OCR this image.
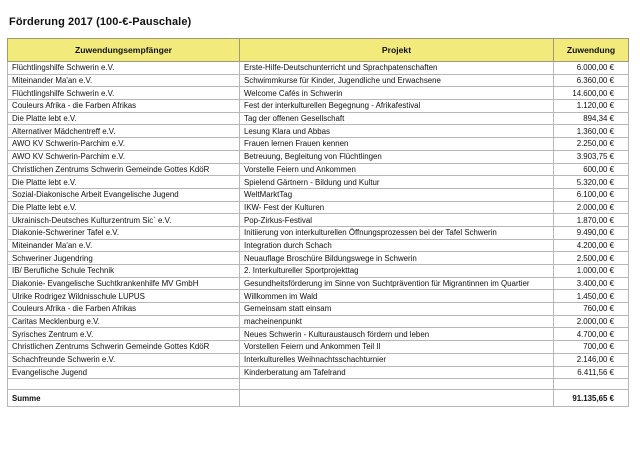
Förderung 2017 (100-€-Pauschale)
Zuwendungsempfänger	Projekt	Zuwendung
Flüchtlingshilfe Schwerin e.V.	Erste-Hilfe-Deutschunterricht und Sprachpatenschaften	6.000,00 €
Miteinander Ma'an e.V.	Schwimmkurse für Kinder, Jugendliche und Erwachsene	6.360,00 €
Flüchtlingshilfe Schwerin e.V.	Welcome Cafés in Schwerin	14.600,00 €
Couleurs Afrika - die Farben Afrikas	Fest der interkulturellen Begegnung - Afrikafestival	1.120,00 €
Die Platte lebt e.V.	Tag der offenen Gesellschaft	894,34 €
Alternativer Mädchentreff e.V.	Lesung Klara und Abbas	1.360,00 €
AWO KV Schwerin-Parchim e.V.	Frauen lernen Frauen kennen	2.250,00 €
AWO KV Schwerin-Parchim e.V.	Betreuung, Begleitung von Flüchtlingen	3.903,75 €
Christlichen Zentrums Schwerin Gemeinde Gottes KdöR	Vorstelle Feiern und Ankommen	600,00 €
Die Platte lebt e.V.	Spielend Gärtnern - Bildung und Kultur	5.320,00 €
Sozial-Diakonische Arbeit Evangelische Jugend	WeltMarktTag	6.100,00 €
Die Platte lebt e.V.	IKW- Fest der Kulturen	2.000,00 €
Ukrainisch-Deutsches Kulturzentrum Sic` e.V.	Pop-Zirkus-Festival	1.870,00 €
Diakonie-Schweriner Tafel e.V.	Initiierung von interkulturellen Öffnungsprozessen bei der Tafel Schwerin	9.490,00 €
Miteinander Ma'an e.V.	Integration durch Schach	4.200,00 €
Schweriner Jugendring	Neuauflage Broschüre Bildungswege in Schwerin	2.500,00 €
IB/ Berufliche Schule Technik	2. Interkultureller Sportprojekttag	1.000,00 €
Diakonie- Evangelische Suchtkrankenhilfe MV GmbH	Gesundheitsförderung im Sinne von Suchtprävention für Migrantinnen im Quartier	3.400,00 €
Ulrike Rodrigez Wildnisschule LUPUS	Willkommen im Wald	1.450,00 €
Couleurs Afrika - die Farben Afrikas	Gemeinsam statt einsam	760,00 €
Caritas Mecklenburg e.V.	macheinenpunkt	2.000,00 €
Syrisches Zentrum e.V.	Neues Schwerin - Kulturaustausch fördern und leben	4.700,00 €
Christlichen Zentrums Schwerin Gemeinde Gottes KdöR	Vorstellen Feiern und Ankommen Teil II	700,00 €
Schachfreunde Schwerin e.V.	Interkulturelles Weihnachtsschachturnier	2.146,00 €
Evangelische Jugend	Kinderberatung am Tafelrand	6.411,56 €

Summe		91.135,65 €
